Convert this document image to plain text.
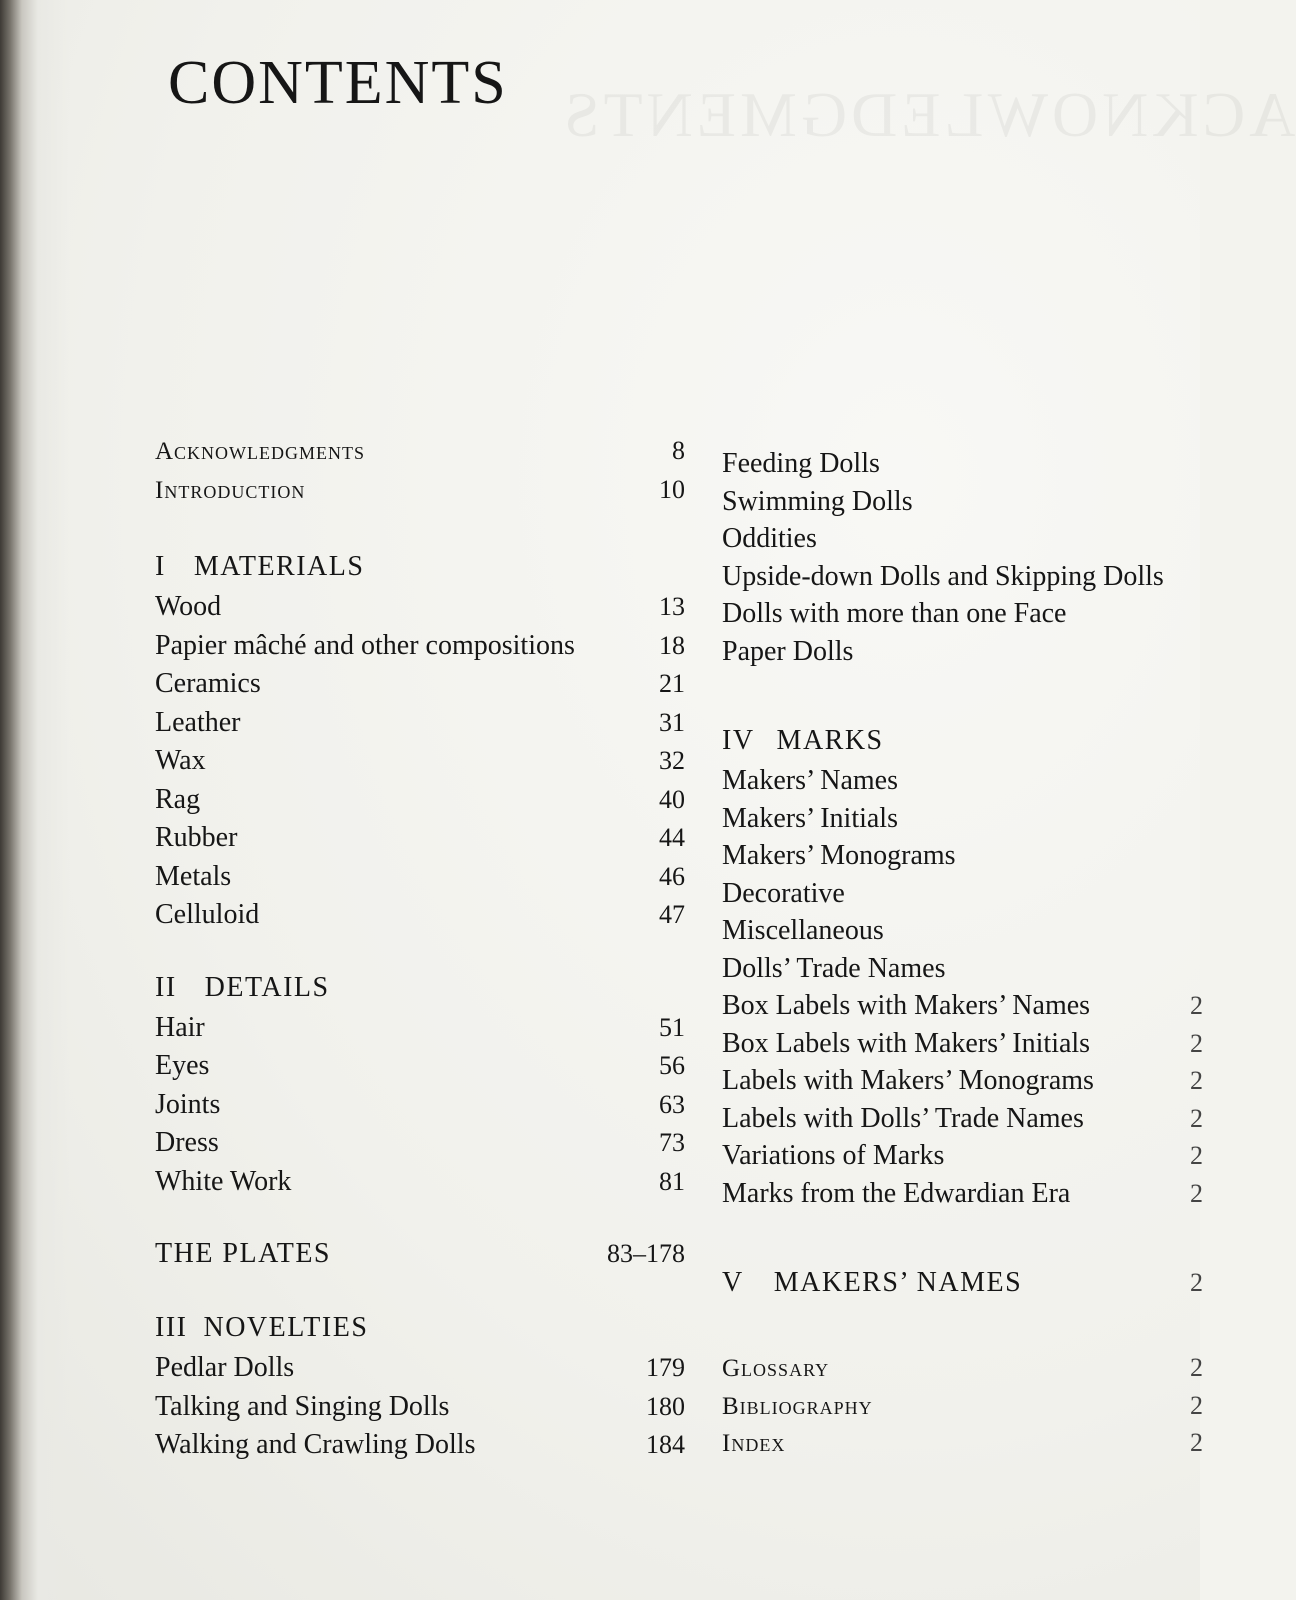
CONTENTS
Acknowledgments	8
Introduction	10
I MATERIALS
Wood	13
Papier mâché and other compositions	18
Ceramics	21
Leather	31
Wax	32
Rag	40
Rubber	44
Metals	46
Celluloid	47
II DETAILS
Hair	51
Eyes	56
Joints	63
Dress	73
White Work	81
THE PLATES	83–178
III NOVELTIES
Pedlar Dolls	179
Talking and Singing Dolls	180
Walking and Crawling Dolls	184
Feeding Dolls
Swimming Dolls
Oddities
Upside-down Dolls and Skipping Dolls
Dolls with more than one Face
Paper Dolls
IV MARKS
Makers’ Names
Makers’ Initials
Makers’ Monograms
Decorative
Miscellaneous
Dolls’ Trade Names
Box Labels with Makers’ Names	2
Box Labels with Makers’ Initials	2
Labels with Makers’ Monograms	2
Labels with Dolls’ Trade Names	2
Variations of Marks	2
Marks from the Edwardian Era	2
V MAKERS’ NAMES	2
Glossary	2
Bibliography	2
Index	2
